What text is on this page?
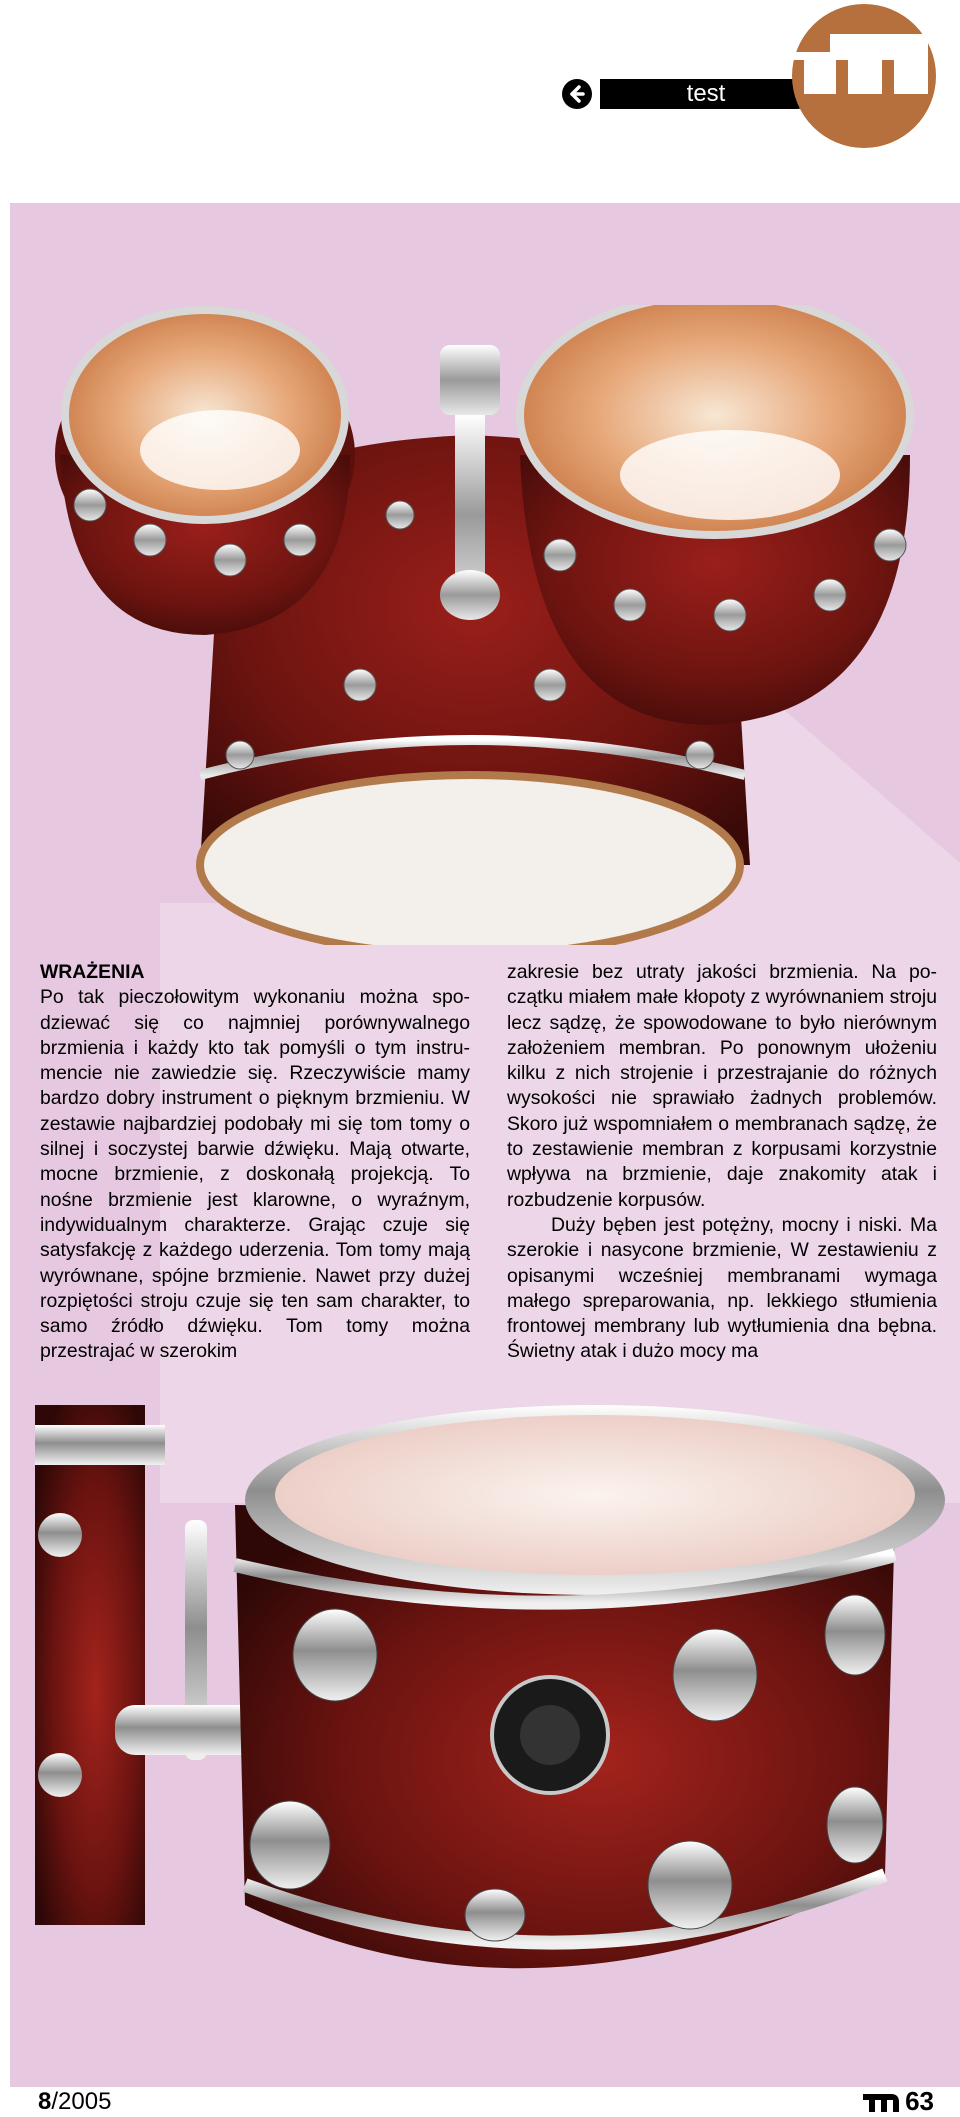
test

WRAŻENIA

Po tak pieczołowitym wykonaniu można spodziewać się co najmniej porównywalnego brzmienia i każdy kto tak pomyśli o tym instrumencie nie zawiedzie się. Rzeczywiście mamy bardzo dobry instrument o pięknym brzmieniu. W zestawie najbardziej podobały mi się tom tomy o silnej i soczystej barwie dźwięku. Mają otwarte, mocne brzmienie, z doskonałą projekcją. To nośne brzmienie jest klarowne, o wyraźnym, indywidualnym charakterze. Grając czuje się satysfakcję z każdego uderzenia. Tom tomy mają wyrównane, spójne brzmienie. Nawet przy dużej rozpiętości stroju czuje się ten sam charakter, to samo źródło dźwięku. Tom tomy można przestrajać w szerokim

zakresie bez utraty jakości brzmienia. Na początku miałem małe kłopoty z wyrównaniem stroju lecz sądzę, że spowodowane to było nierównym założeniem membran. Po ponownym ułożeniu kilku z nich strojenie i przestrajanie do różnych wysokości nie sprawiało żadnych problemów. Skoro już wspomniałem o membranach sądzę, że to zestawienie membran z korpusami korzystnie wpływa na brzmienie, daje znakomity atak i rozbudzenie korpusów.

Duży bęben jest potężny, mocny i niski. Ma szerokie i nasycone brzmienie, W zestawieniu z opisanymi wcześniej membranami wymaga małego spreparowania, np. lekkiego stłumienia frontowej membrany lub wytłumienia dna bębna. Świetny atak i dużo mocy ma

8/2005	63
